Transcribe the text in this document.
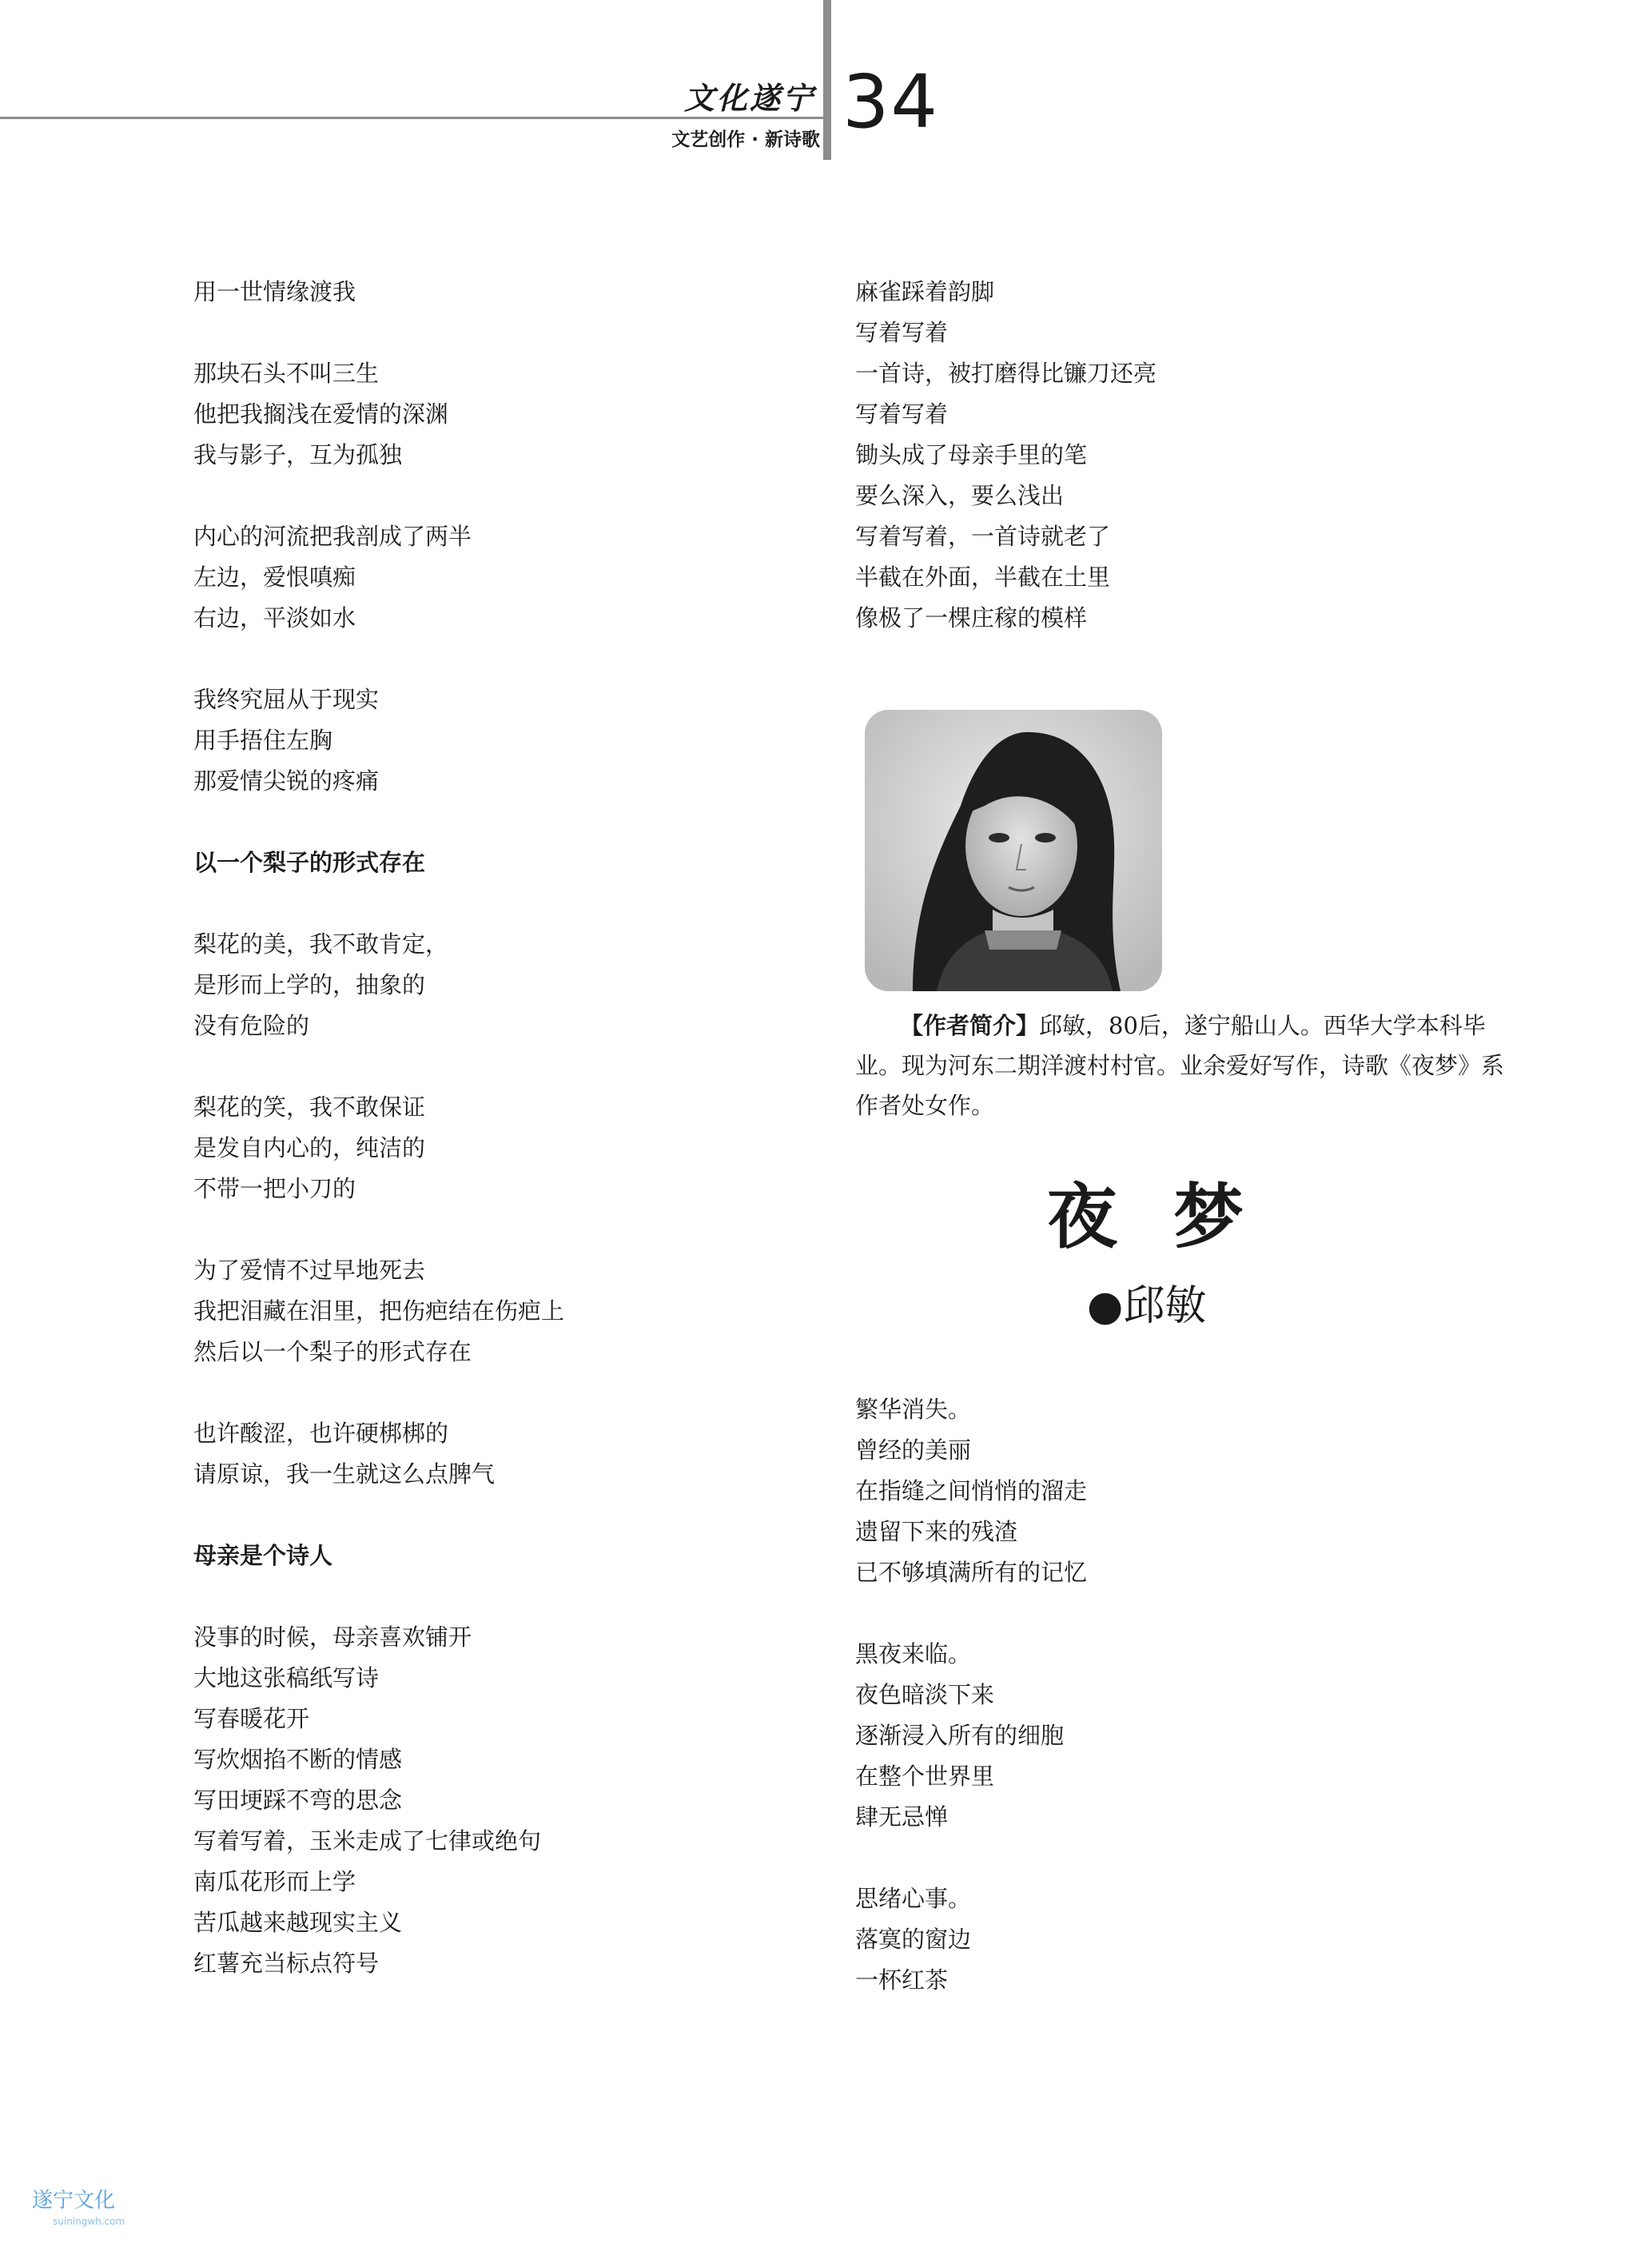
文化遂宁
文艺创作 · 新诗歌 34
用一世情缘渡我
那块石头不叫三生
他把我搁浅在爱情的深渊
我与影子，互为孤独
内心的河流把我剖成了两半
左边，爱恨嗔痴
右边，平淡如水
我终究屈从于现实
用手捂住左胸
那爱情尖锐的疼痛
以一个梨子的形式存在
梨花的美，我不敢肯定，
是形而上学的，抽象的
没有危险的
梨花的笑，我不敢保证
是发自内心的，纯洁的
不带一把小刀的
为了爱情不过早地死去
我把泪藏在泪里，把伤疤结在伤疤上
然后以一个梨子的形式存在
也许酸涩，也许硬梆梆的
请原谅，我一生就这么点脾气
母亲是个诗人
没事的时候，母亲喜欢铺开
大地这张稿纸写诗
写春暖花开
写炊烟掐不断的情感
写田埂踩不弯的思念
写着写着，玉米走成了七律或绝句
南瓜花形而上学
苦瓜越来越现实主义
红薯充当标点符号
麻雀踩着韵脚
写着写着
一首诗，被打磨得比镰刀还亮
写着写着
锄头成了母亲手里的笔
要么深入，要么浅出
写着写着，一首诗就老了
半截在外面，半截在土里
像极了一棵庄稼的模样
【作者简介】邱敏，80后，遂宁船山人。西华大学本科毕业。现为河东二期洋渡村村官。业余爱好写作，诗歌《夜梦》系作者处女作。
夜梦
●邱敏
繁华消失。
曾经的美丽
在指缝之间悄悄的溜走
遗留下来的残渣
已不够填满所有的记忆
黑夜来临。
夜色暗淡下来
逐渐浸入所有的细胞
在整个世界里
肆无忌惮
思绪心事。
落寞的窗边
一杯红茶
遂宁文化
suiningwh.com
